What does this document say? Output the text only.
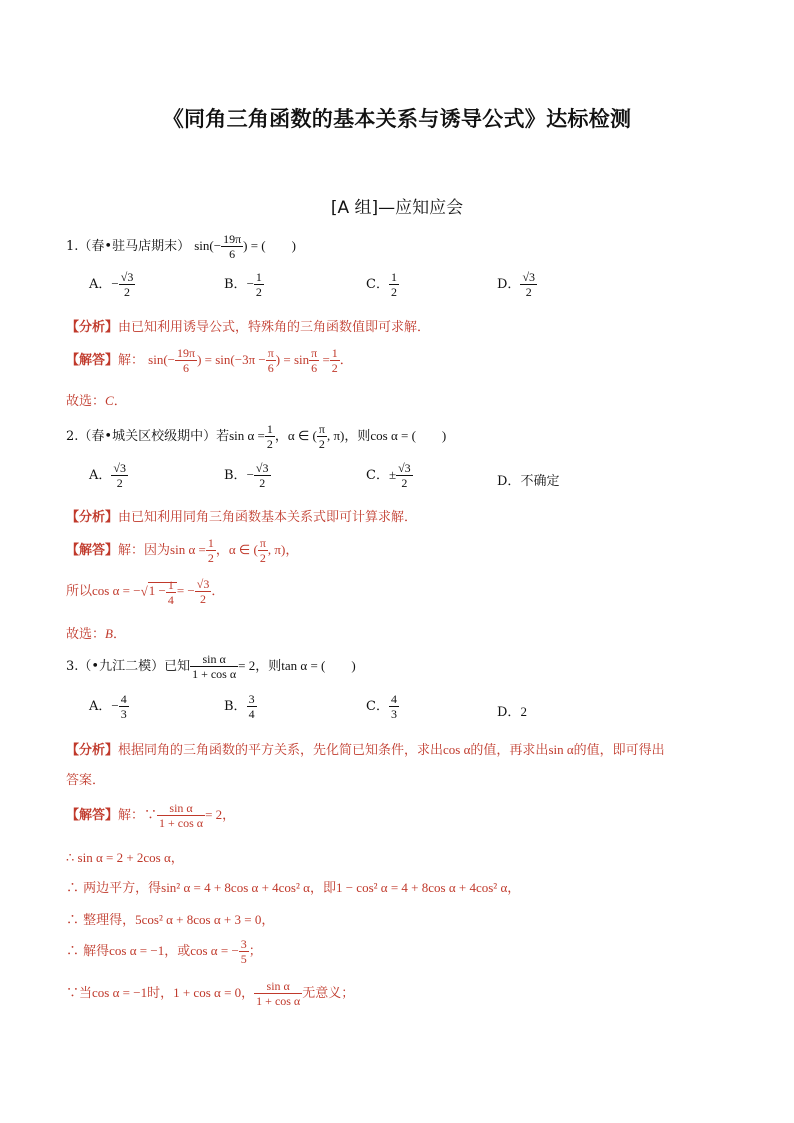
《同角三角函数的基本关系与诱导公式》达标检测
[A 组]—应知应会
1.（春•驻马店期末） $\sin(- \frac{19\pi}{6}$ ) = (　　)
A．− $\frac{√3}{2}$	B．− $\frac{1}{2}$	C． $\frac{1}{2}$	D． $\frac{√3}{2}$
【分析】由已知利用诱导公式，特殊角的三角函数值即可求解．
【解答】解： $\sin(- \frac{19\pi}{6}$ ) = $\sin(-3\pi - \frac{\pi}{6}$ ) = $\sin \frac{\pi}{6} = \frac{1}{2}$ ．
故选：C．
2.（春•城关区校级期中）若$\sin \alpha = \frac{1}{2}$ ，α ∈ ( $\frac{\pi}{2}$ , π)，则cos α = (　　)
A． $\frac{√3}{2}$	B．− $\frac{√3}{2}$	C．± $\frac{√3}{2}$	D．不确定
【分析】由已知利用同角三角函数基本关系式即可计算求解．
【解答】解：因为$\sin \alpha = \frac{1}{2}$ ，α ∈ ( $\frac{\pi}{2}$ , π)，
所以$\cos \alpha = -√1 - \frac{1}{4}$ = − $\frac{√3}{2}$ ．
故选：B．
3.（•九江二模）已知 $\frac{\text{sin α}}{\text{1 + cos α}} = 2$，则tan α = (　　)
A．− $\frac{4}{3}$	B． $\frac{3}{4}$	C． $\frac{4}{3}$	D．2
【分析】根据同角的三角函数的平方关系，先化简已知条件，求出cos α的值，再求出sin α的值，即可得出
答案．
【解答】解：∵ $\frac{\text{sin α}}{\text{1 + cos α}} = 2$，
∴ sin α = 2 + 2cos α，
∴ 两边平方，得sin² α = 4 + 8cos α + 4cos² α，即1 − cos² α = 4 + 8cos α + 4cos² α，
∴ 整理得，5cos² α + 8cos α + 3 = 0，
∴ 解得cos α = −1，或cos α = − $\frac{3}{5}$ ；
∵当cos α = −1时，1 + cos α = 0， $\frac{\text{sin α}}{\text{1 + cos α}}$ 无意义；
